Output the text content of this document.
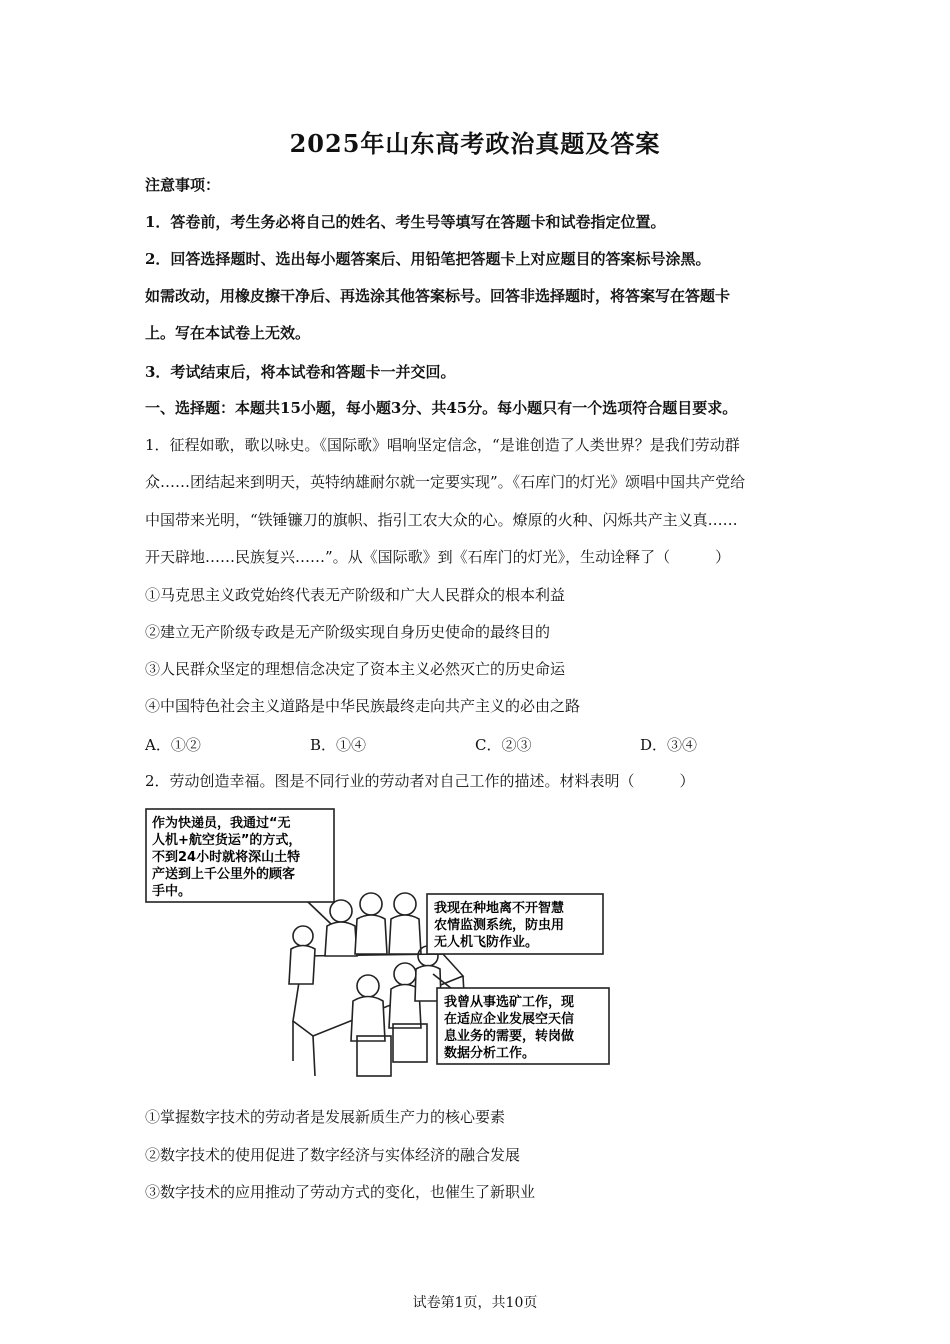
2025年山东高考政治真题及答案
注意事项：
1．答卷前，考生务必将自己的姓名、考生号等填写在答题卡和试卷指定位置。
2．回答选择题时、选出每小题答案后、用铅笔把答题卡上对应题目的答案标号涂黑。
如需改动，用橡皮擦干净后、再选涂其他答案标号。回答非选择题时，将答案写在答题卡
上。写在本试卷上无效。
3．考试结束后，将本试卷和答题卡一并交回。
一、选择题：本题共15小题，每小题3分、共45分。每小题只有一个选项符合题目要求。
1．征程如歌，歌以咏史。《国际歌》唱响坚定信念，“是谁创造了人类世界？是我们劳动群
众……团结起来到明天，英特纳雄耐尔就一定要实现”。《石库门的灯光》颂唱中国共产党给
中国带来光明，“铁锤镰刀的旗帜、指引工农大众的心。燎原的火种、闪烁共产主义真……
开天辟地……民族复兴……”。从《国际歌》到《石库门的灯光》，生动诠释了（　　　）
①马克思主义政党始终代表无产阶级和广大人民群众的根本利益
②建立无产阶级专政是无产阶级实现自身历史使命的最终目的
③人民群众坚定的理想信念决定了资本主义必然灭亡的历史命运
④中国特色社会主义道路是中华民族最终走向共产主义的必由之路
A．①②	B．①④	C．②③	D．③④
2．劳动创造幸福。图是不同行业的劳动者对自己工作的描述。材料表明（　　　）
作为快递员，我通过“无
人机+航空货运”的方式，
不到24小时就将深山土特
产送到上千公里外的顾客
手中。
我现在种地离不开智慧
农情监测系统，防虫用
无人机飞防作业。
我曾从事选矿工作，现
在适应企业发展空天信
息业务的需要，转岗做
数据分析工作。
①掌握数字技术的劳动者是发展新质生产力的核心要素
②数字技术的使用促进了数字经济与实体经济的融合发展
③数字技术的应用推动了劳动方式的变化，也催生了新职业
试卷第1页，共10页
